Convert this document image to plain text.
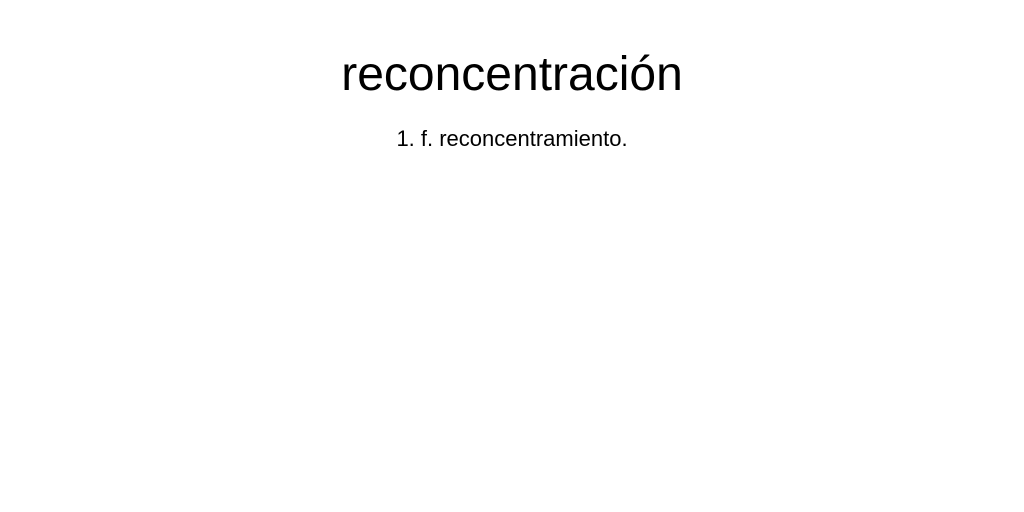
reconcentración

1. f. reconcentramiento.
